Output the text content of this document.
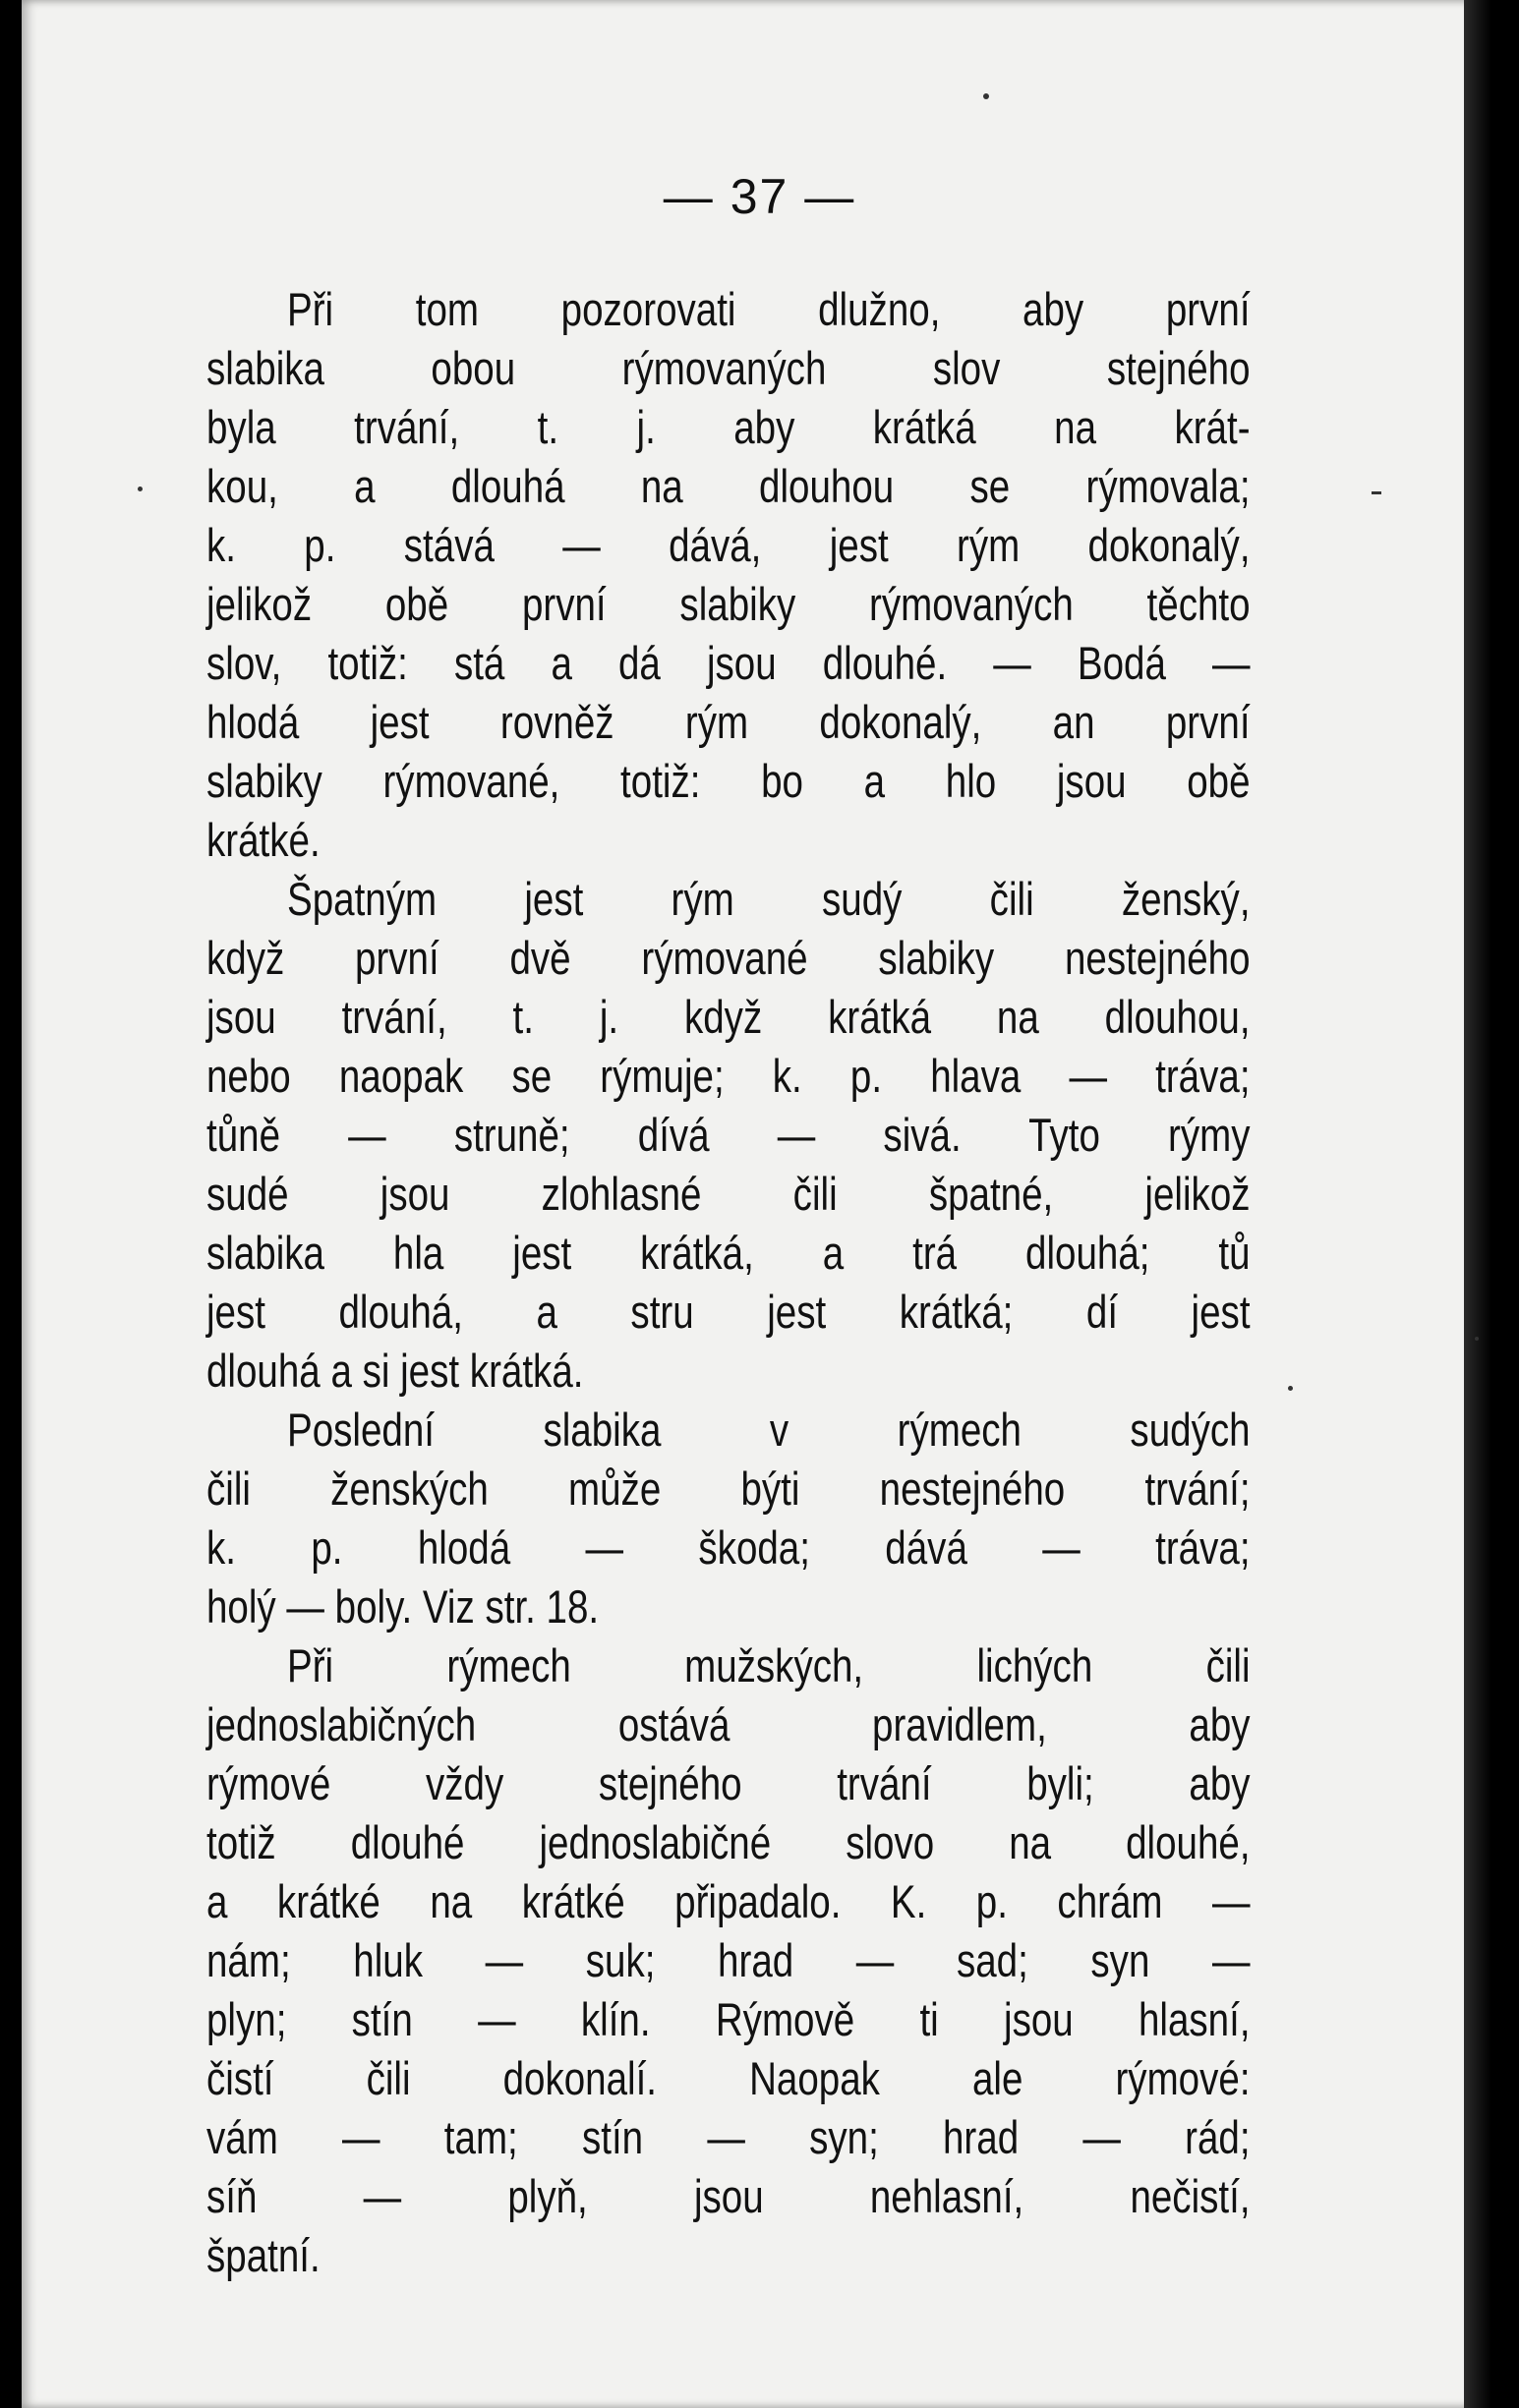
— 37 —
Při tom pozorovati dlužno, aby první
slabika obou rýmovaných slov stejného
byla trvání, t. j. aby krátká na krát-
kou, a dlouhá na dlouhou se rýmovala;
k. p. stává — dává, jest rým dokonalý,
jelikož obě první slabiky rýmovaných těchto
slov, totiž: stá a dá jsou dlouhé. — Bodá —
hlodá jest rovněž rým dokonalý, an první
slabiky rýmované, totiž: bo a hlo jsou obě
krátké.
Špatným jest rým sudý čili ženský,
když první dvě rýmované slabiky nestejného
jsou trvání, t. j. když krátká na dlouhou,
nebo naopak se rýmuje; k. p. hlava — tráva;
tůně — struně; dívá — sivá. Tyto rýmy
sudé jsou zlohlasné čili špatné, jelikož
slabika hla jest krátká, a trá dlouhá; tů
jest dlouhá, a stru jest krátká; dí jest
dlouhá a si jest krátká.
Poslední slabika v rýmech sudých
čili ženských může býti nestejného trvání;
k. p. hlodá — škoda; dává — tráva;
holý — boly. Viz str. 18.
Při rýmech mužských, lichých čili
jednoslabičných ostává pravidlem, aby
rýmové vždy stejného trvání byli; aby
totiž dlouhé jednoslabičné slovo na dlouhé,
a krátké na krátké připadalo. K. p. chrám —
nám; hluk — suk; hrad — sad; syn —
plyn; stín — klín. Rýmově ti jsou hlasní,
čistí čili dokonalí. Naopak ale rýmové:
vám — tam; stín — syn; hrad — rád;
síň — plyň, jsou nehlasní, nečistí,
špatní.
